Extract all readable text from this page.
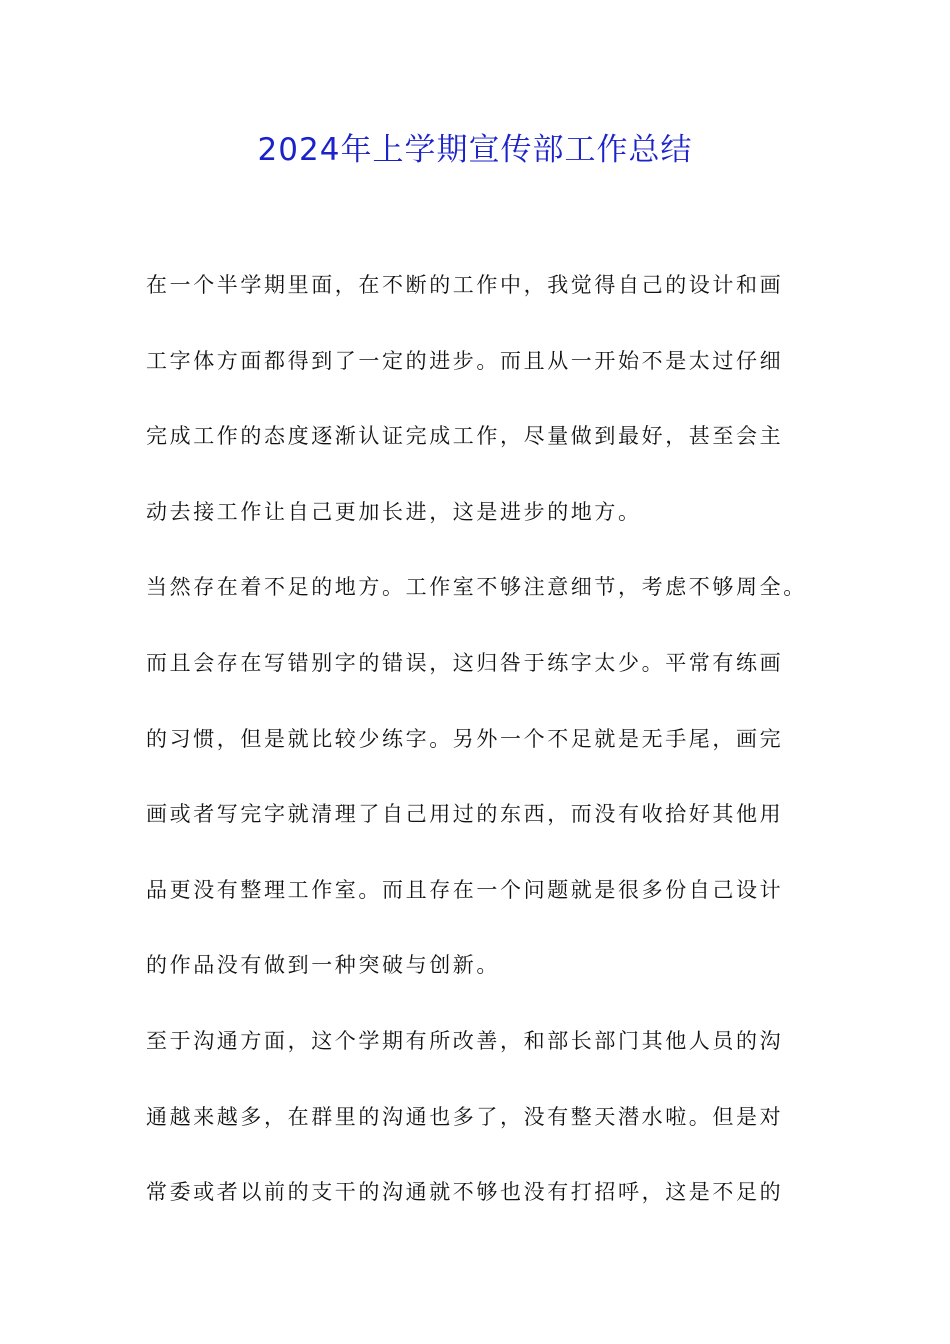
2024年上学期宣传部工作总结
在一个半学期里面，在不断的工作中，我觉得自己的设计和画
工字体方面都得到了一定的进步。而且从一开始不是太过仔细
完成工作的态度逐渐认证完成工作，尽量做到最好，甚至会主
动去接工作让自己更加长进，这是进步的地方。
当然存在着不足的地方。工作室不够注意细节，考虑不够周全。
而且会存在写错别字的错误，这归咎于练字太少。平常有练画
的习惯，但是就比较少练字。另外一个不足就是无手尾，画完
画或者写完字就清理了自己用过的东西，而没有收拾好其他用
品更没有整理工作室。而且存在一个问题就是很多份自己设计
的作品没有做到一种突破与创新。
至于沟通方面，这个学期有所改善，和部长部门其他人员的沟
通越来越多，在群里的沟通也多了，没有整天潜水啦。但是对
常委或者以前的支干的沟通就不够也没有打招呼，这是不足的
